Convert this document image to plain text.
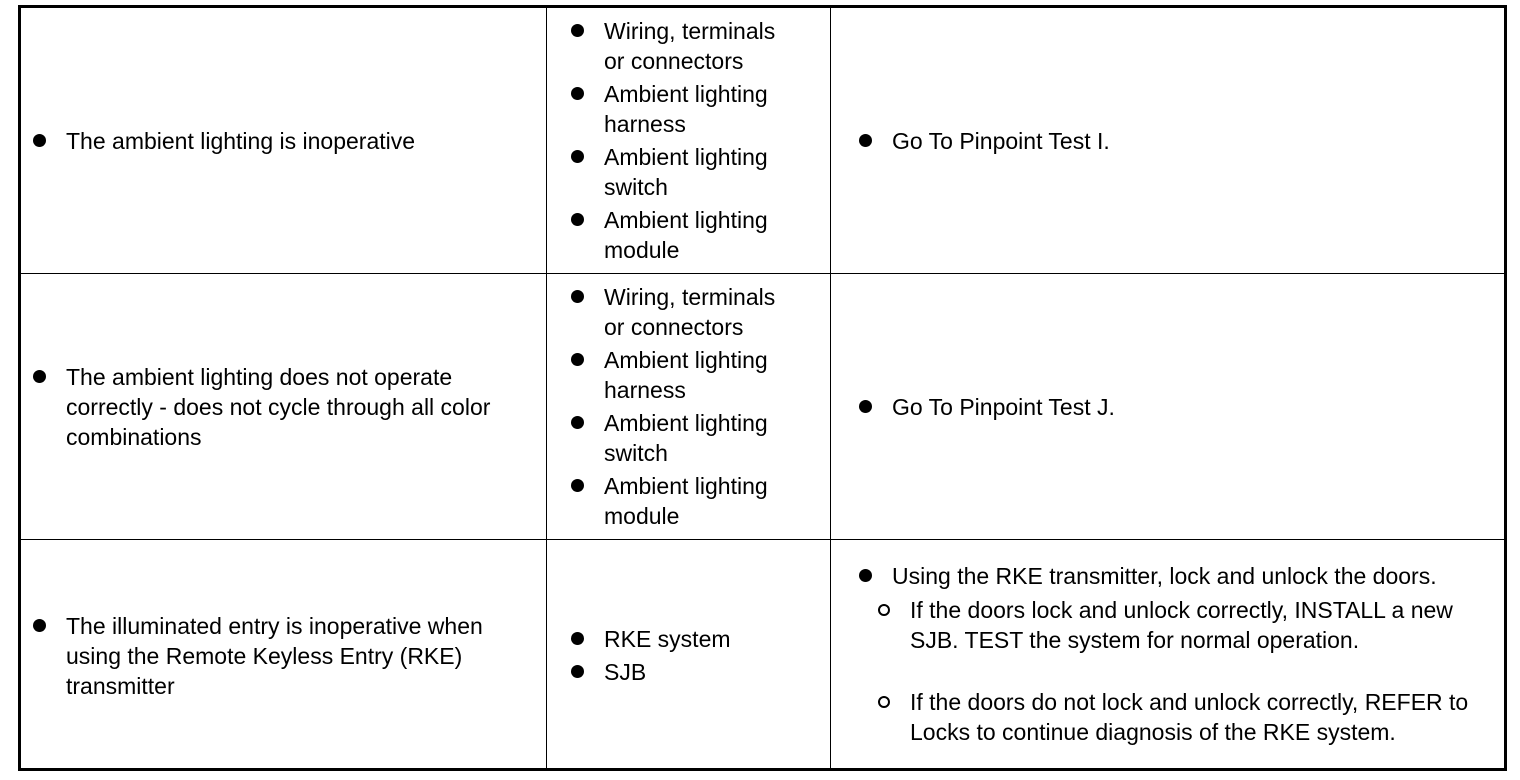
The ambient lighting is inoperative
Wiring, terminals or connectors
Ambient lighting harness
Ambient lighting switch
Ambient lighting module
Go To Pinpoint Test I.
The ambient lighting does not operate correctly - does not cycle through all color combinations
Wiring, terminals or connectors
Ambient lighting harness
Ambient lighting switch
Ambient lighting module
Go To Pinpoint Test J.
The illuminated entry is inoperative when using the Remote Keyless Entry (RKE) transmitter
RKE system
SJB
Using the RKE transmitter, lock and unlock the doors.
If the doors lock and unlock correctly, INSTALL a new SJB. TEST the system for normal operation.
If the doors do not lock and unlock correctly, REFER to Locks to continue diagnosis of the RKE system.
